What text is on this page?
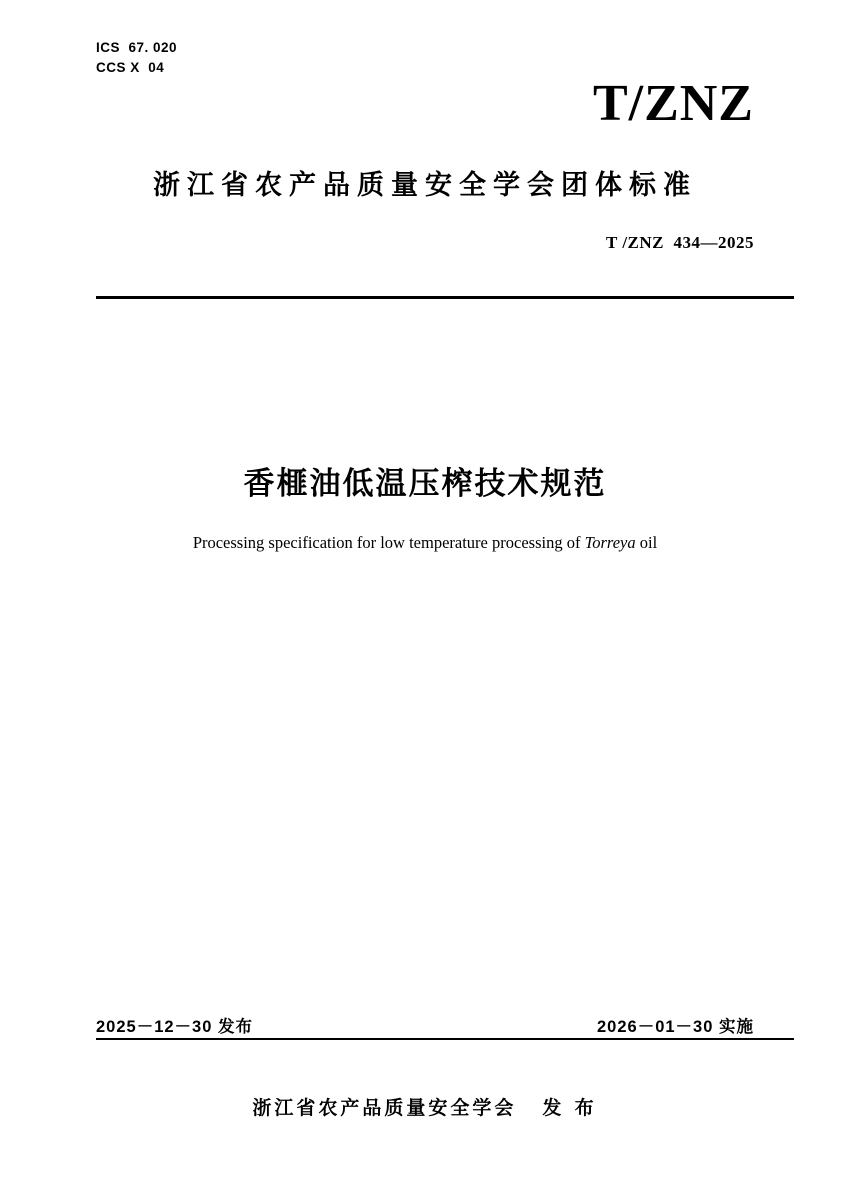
ICS  67. 020
CCS X  04
T/ZNZ
浙江省农产品质量安全学会团体标准
T /ZNZ  434—2025
香榧油低温压榨技术规范
Processing specification for low temperature processing of Torreya oil
2025－12－30 发布	2026－01－30 实施
浙江省农产品质量安全学会 发 布
